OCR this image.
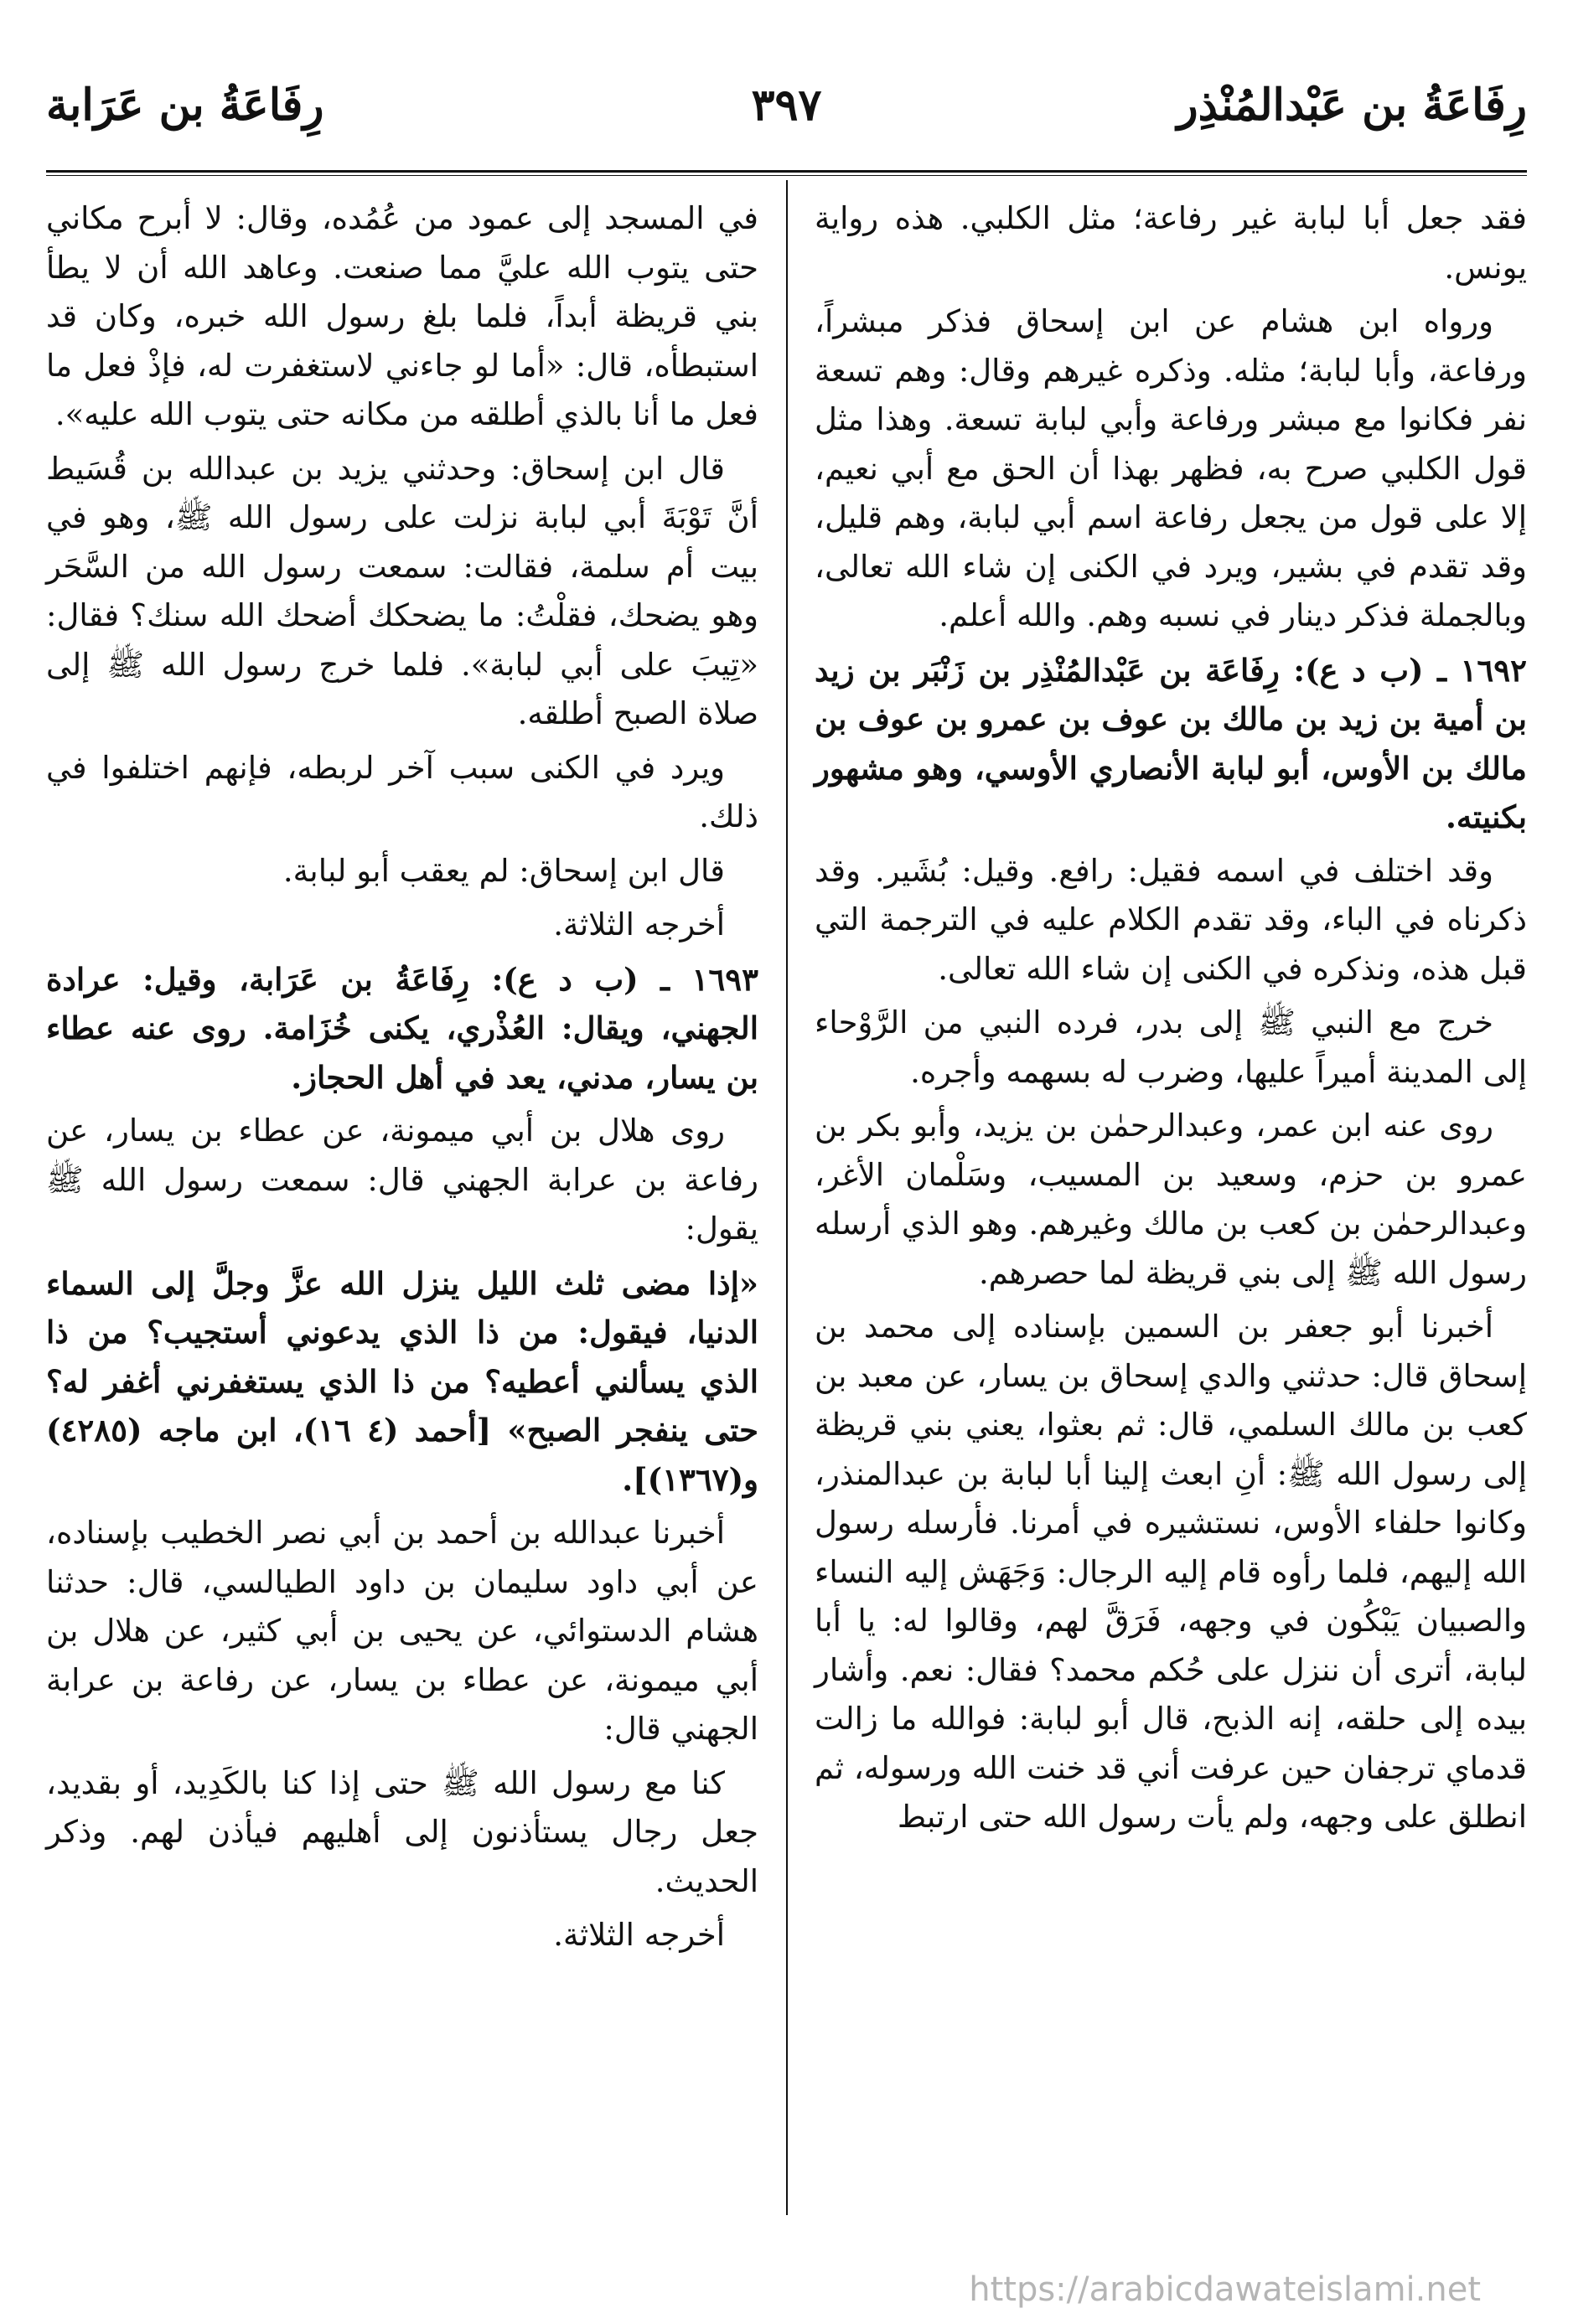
رِفَاعَةُ بن عَبْدالمُنْذِر
٣٩٧
رِفَاعَةُ بن عَرَابة

فقد جعل أبا لبابة غير رفاعة؛ مثل الكلبي. هذه رواية يونس.

ورواه ابن هشام عن ابن إسحاق فذكر مبشراً، ورفاعة، وأبا لبابة؛ مثله. وذكره غيرهم وقال: وهم تسعة نفر فكانوا مع مبشر ورفاعة وأبي لبابة تسعة. وهذا مثل قول الكلبي صرح به، فظهر بهذا أن الحق مع أبي نعيم، إلا على قول من يجعل رفاعة اسم أبي لبابة، وهم قليل، وقد تقدم في بشير، ويرد في الكنى إن شاء الله تعالى، وبالجملة فذكر دينار في نسبه وهم. والله أعلم.

١٦٩٢ ـ (ب د ع): رِفَاعَة بن عَبْدالمُنْذِر بن زَنْبَر بن زيد بن أمية بن زيد بن مالك بن عوف بن عمرو بن عوف بن مالك بن الأوس، أبو لبابة الأنصاري الأوسي، وهو مشهور بكنيته.

وقد اختلف في اسمه فقيل: رافع. وقيل: بُشَير. وقد ذكرناه في الباء، وقد تقدم الكلام عليه في الترجمة التي قبل هذه، ونذكره في الكنى إن شاء الله تعالى.

خرج مع النبي ﷺ إلى بدر، فرده النبي من الرَّوْحاء إلى المدينة أميراً عليها، وضرب له بسهمه وأجره.

روى عنه ابن عمر، وعبدالرحمٰن بن يزيد، وأبو بكر بن عمرو بن حزم، وسعيد بن المسيب، وسَلْمان الأغر، وعبدالرحمٰن بن كعب بن مالك وغيرهم. وهو الذي أرسله رسول الله ﷺ إلى بني قريظة لما حصرهم.

أخبرنا أبو جعفر بن السمين بإسناده إلى محمد بن إسحاق قال: حدثني والدي إسحاق بن يسار، عن معبد بن كعب بن مالك السلمي، قال: ثم بعثوا، يعني بني قريظة إلى رسول الله ﷺ: أنِ ابعث إلينا أبا لبابة بن عبدالمنذر، وكانوا حلفاء الأوس، نستشيره في أمرنا. فأرسله رسول الله إليهم، فلما رأوه قام إليه الرجال: وَجَهَش إليه النساء والصبيان يَبْكُون في وجهه، فَرَقَّ لهم، وقالوا له: يا أبا لبابة، أترى أن ننزل على حُكم محمد؟ فقال: نعم. وأشار بيده إلى حلقه، إنه الذبح، قال أبو لبابة: فوالله ما زالت قدماي ترجفان حين عرفت أني قد خنت الله ورسوله، ثم انطلق على وجهه، ولم يأت رسول الله حتى ارتبط

في المسجد إلى عمود من عُمُده، وقال: لا أبرح مكاني حتى يتوب الله عليَّ مما صنعت. وعاهد الله أن لا يطأ بني قريظة أبداً، فلما بلغ رسول الله خبره، وكان قد استبطأه، قال: «أما لو جاءني لاستغفرت له، فإذْ فعل ما فعل ما أنا بالذي أطلقه من مكانه حتى يتوب الله عليه».

قال ابن إسحاق: وحدثني يزيد بن عبدالله بن قُسَيط أنَّ تَوْبَةَ أبي لبابة نزلت على رسول الله ﷺ، وهو في بيت أم سلمة، فقالت: سمعت رسول الله من السَّحَر وهو يضحك، فقلْتُ: ما يضحكك أضحك الله سنك؟ فقال: «تِيبَ على أبي لبابة». فلما خرج رسول الله ﷺ إلى صلاة الصبح أطلقه.

ويرد في الكنى سبب آخر لربطه، فإنهم اختلفوا في ذلك.

قال ابن إسحاق: لم يعقب أبو لبابة.

أخرجه الثلاثة.

١٦٩٣ ـ (ب د ع): رِفَاعَةُ بن عَرَابة، وقيل: عرادة الجهني، ويقال: العُذْري، يكنى خُزَامة. روى عنه عطاء بن يسار، مدني، يعد في أهل الحجاز.

روى هلال بن أبي ميمونة، عن عطاء بن يسار، عن رفاعة بن عرابة الجهني قال: سمعت رسول الله ﷺ يقول:

«إذا مضى ثلث الليل ينزل الله عزَّ وجلَّ إلى السماء الدنيا، فيقول: من ذا الذي يدعوني أستجيب؟ من ذا الذي يسألني أعطيه؟ من ذا الذي يستغفرني أغفر له؟ حتى ينفجر الصبح» [أحمد (٤ ١٦)، ابن ماجه (٤٢٨٥) و(١٣٦٧)].

أخبرنا عبدالله بن أحمد بن أبي نصر الخطيب بإسناده، عن أبي داود سليمان بن داود الطيالسي، قال: حدثنا هشام الدستوائي، عن يحيى بن أبي كثير، عن هلال بن أبي ميمونة، عن عطاء بن يسار، عن رفاعة بن عرابة الجهني قال:

كنا مع رسول الله ﷺ حتى إذا كنا بالكَدِيد، أو بقديد، جعل رجال يستأذنون إلى أهليهم فيأذن لهم. وذكر الحديث.

أخرجه الثلاثة.

https://arabicdawateislami.net
